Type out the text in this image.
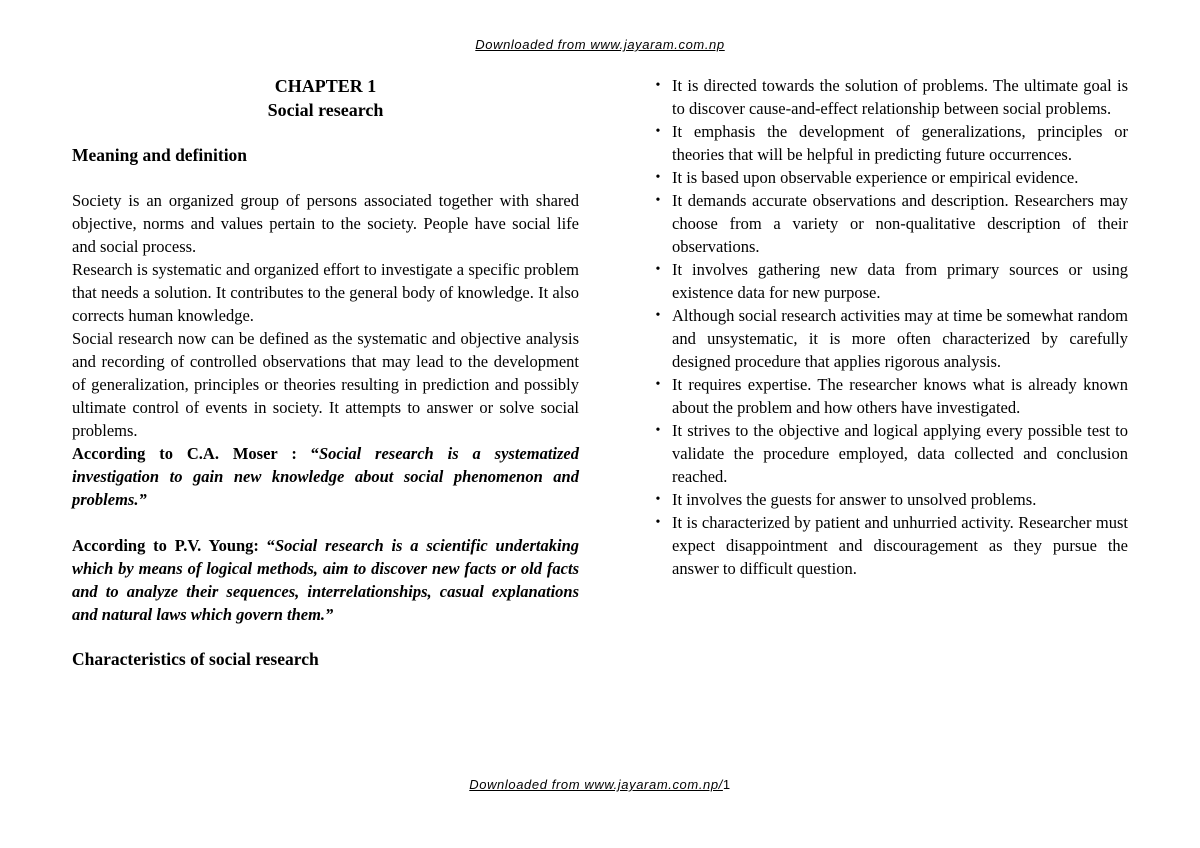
Downloaded from www.jayaram.com.np
CHAPTER 1
Social research
Meaning and definition

Society is an organized group of persons associated together with shared objective, norms and values pertain to the society. People have social life and social process.

Research is systematic and organized effort to investigate a specific problem that needs a solution. It contributes to the general body of knowledge. It also corrects human knowledge.

Social research now can be defined as the systematic and objective analysis and recording of controlled observations that may lead to the development of generalization, principles or theories resulting in prediction and possibly ultimate control of events in society. It attempts to answer or solve social problems.

According to C.A. Moser : “Social research is a systematized investigation to gain new knowledge about social phenomenon and problems.”

According to P.V. Young: “Social research is a scientific undertaking which by means of logical methods, aim to discover new facts or old facts and to analyze their sequences, interrelationships, casual explanations and natural laws which govern them.”

Characteristics of social research
• It is directed towards the solution of problems. The ultimate goal is to discover cause-and-effect relationship between social problems.
• It emphasis the development of generalizations, principles or theories that will be helpful in predicting future occurrences.
• It is based upon observable experience or empirical evidence.
• It demands accurate observations and description. Researchers may choose from a variety or non-qualitative description of their observations.
• It involves gathering new data from primary sources or using existence data for new purpose.
• Although social research activities may at time be somewhat random and unsystematic, it is more often characterized by carefully designed procedure that applies rigorous analysis.
• It requires expertise. The researcher knows what is already known about the problem and how others have investigated.
• It strives to the objective and logical applying every possible test to validate the procedure employed, data collected and conclusion reached.
• It involves the guests for answer to unsolved problems.
• It is characterized by patient and unhurried activity. Researcher must expect disappointment and discouragement as they pursue the answer to difficult question.
Downloaded from www.jayaram.com.np/1
